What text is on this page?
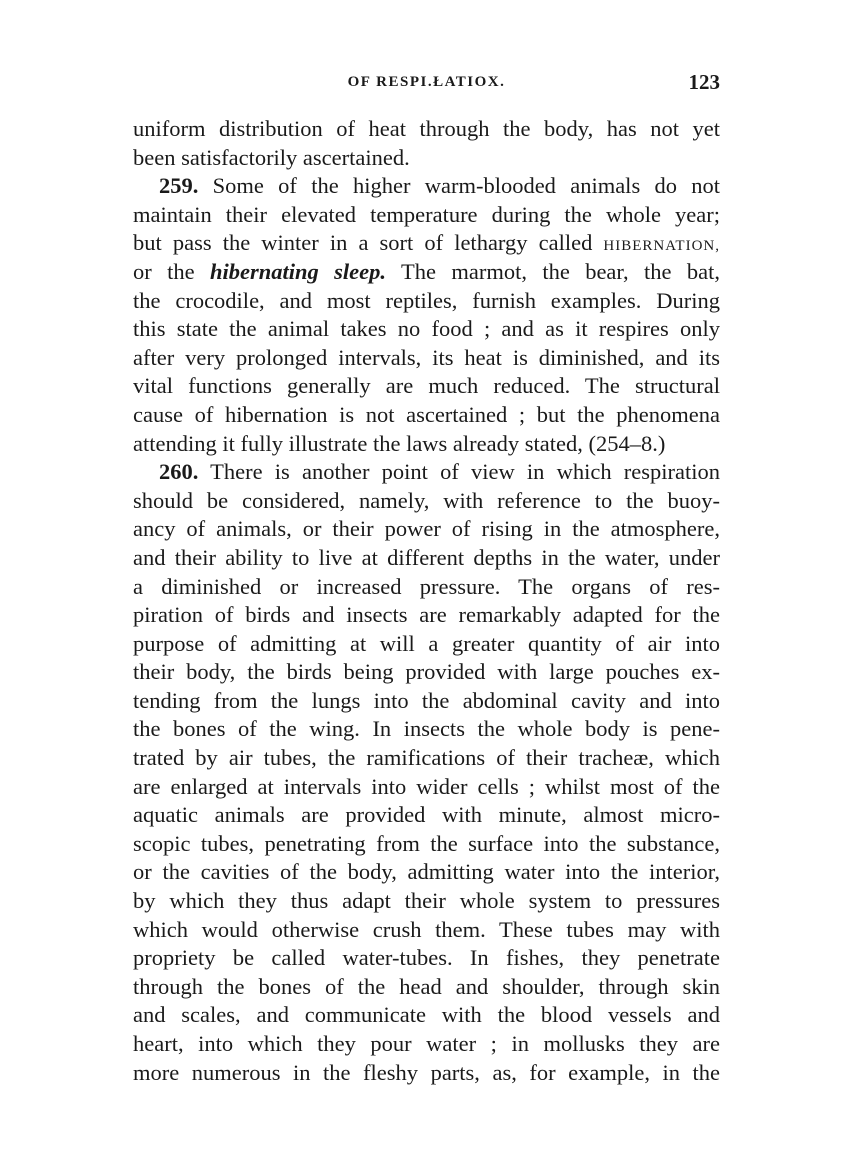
OF RESPI.ŁATIOX.	123
uniform distribution of heat through the body, has not yet
been satisfactorily ascertained.
259. Some of the higher warm-blooded animals do not
maintain their elevated temperature during the whole year;
but pass the winter in a sort of lethargy called HIBERNATION,
or the hibernating sleep. The marmot, the bear, the bat,
the crocodile, and most reptiles, furnish examples. During
this state the animal takes no food ; and as it respires only
after very prolonged intervals, its heat is diminished, and its
vital functions generally are much reduced. The structural
cause of hibernation is not ascertained ; but the phenomena
attending it fully illustrate the laws already stated, (254–8.)
260. There is another point of view in which respiration
should be considered, namely, with reference to the buoy-
ancy of animals, or their power of rising in the atmosphere,
and their ability to live at different depths in the water, under
a diminished or increased pressure. The organs of res-
piration of birds and insects are remarkably adapted for the
purpose of admitting at will a greater quantity of air into
their body, the birds being provided with large pouches ex-
tending from the lungs into the abdominal cavity and into
the bones of the wing. In insects the whole body is pene-
trated by air tubes, the ramifications of their tracheæ, which
are enlarged at intervals into wider cells ; whilst most of the
aquatic animals are provided with minute, almost micro-
scopic tubes, penetrating from the surface into the substance,
or the cavities of the body, admitting water into the interior,
by which they thus adapt their whole system to pressures
which would otherwise crush them. These tubes may with
propriety be called water-tubes. In fishes, they penetrate
through the bones of the head and shoulder, through skin
and scales, and communicate with the blood vessels and
heart, into which they pour water ; in mollusks they are
more numerous in the fleshy parts, as, for example, in the
